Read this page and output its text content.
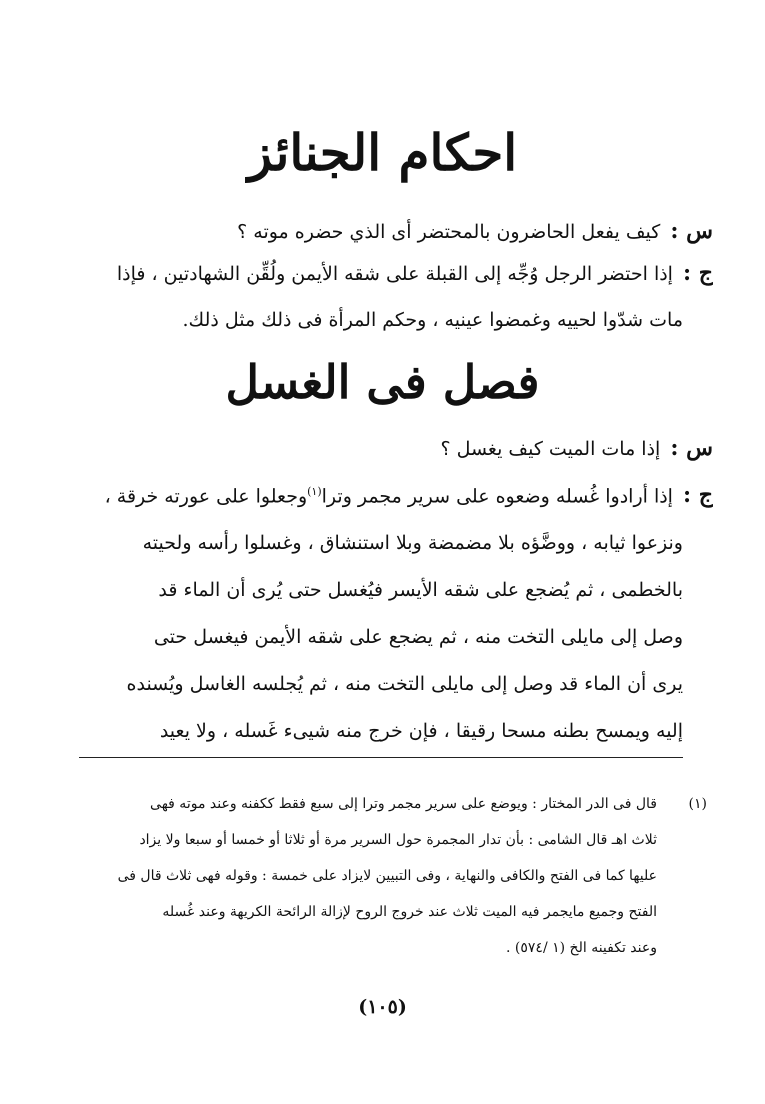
احكام الجنائز
س : كيف يفعل الحاضرون بالمحتضر أى الذي حضره موته ؟
ج : إذا احتضر الرجل وُجِّه إلى القبلة على شقه الأيمن ولُقِّن الشهادتين ، فإذا
مات شدّوا لحييه وغمضوا عينيه ، وحكم المرأة فى ذلك مثل ذلك.
فصل فى الغسل
س : إذا مات الميت كيف يغسل ؟
ج : إذا أرادوا غُسله وضعوه على سرير مجمر وترا$^{(١)}$وجعلوا على عورته خرقة ،
ونزعوا ثيابه ، ووضَّؤه بلا مضمضة وبلا استنشاق ، وغسلوا رأسه ولحيته
بالخطمى ، ثم يُضجع على شقه الأيسر فيُغسل حتى يُرى أن الماء قد
وصل إلى مايلى التخت منه ، ثم يضجع على شقه الأيمن فيغسل حتى
يرى أن الماء قد وصل إلى مايلى التخت منه ، ثم يُجلسه الغاسل ويُسنده
إليه ويمسح بطنه مسحا رقيقا ، فإن خرج منه شيىء غَسله ، ولا يعيد
(١)
قال فى الدر المختار : ويوضع على سرير مجمر وترا إلى سبع فقط ككفنه وعند موته فهى
ثلاث اهـ قال الشامى : بأن تدار المجمرة حول السرير مرة أو ثلاثا أو خمسا أو سبعا ولا يزاد
عليها كما فى الفتح والكافى والنهاية ، وفى التبيين لايزاد على خمسة : وقوله فهى ثلاث قال فى
الفتح وجميع مايجمر فيه الميت ثلاث عند خروج الروح لإزالة الرائحة الكريهة وعند غُسله
وعند تكفينه الخ (١ /٥٧٤) .
(١٠٥)
